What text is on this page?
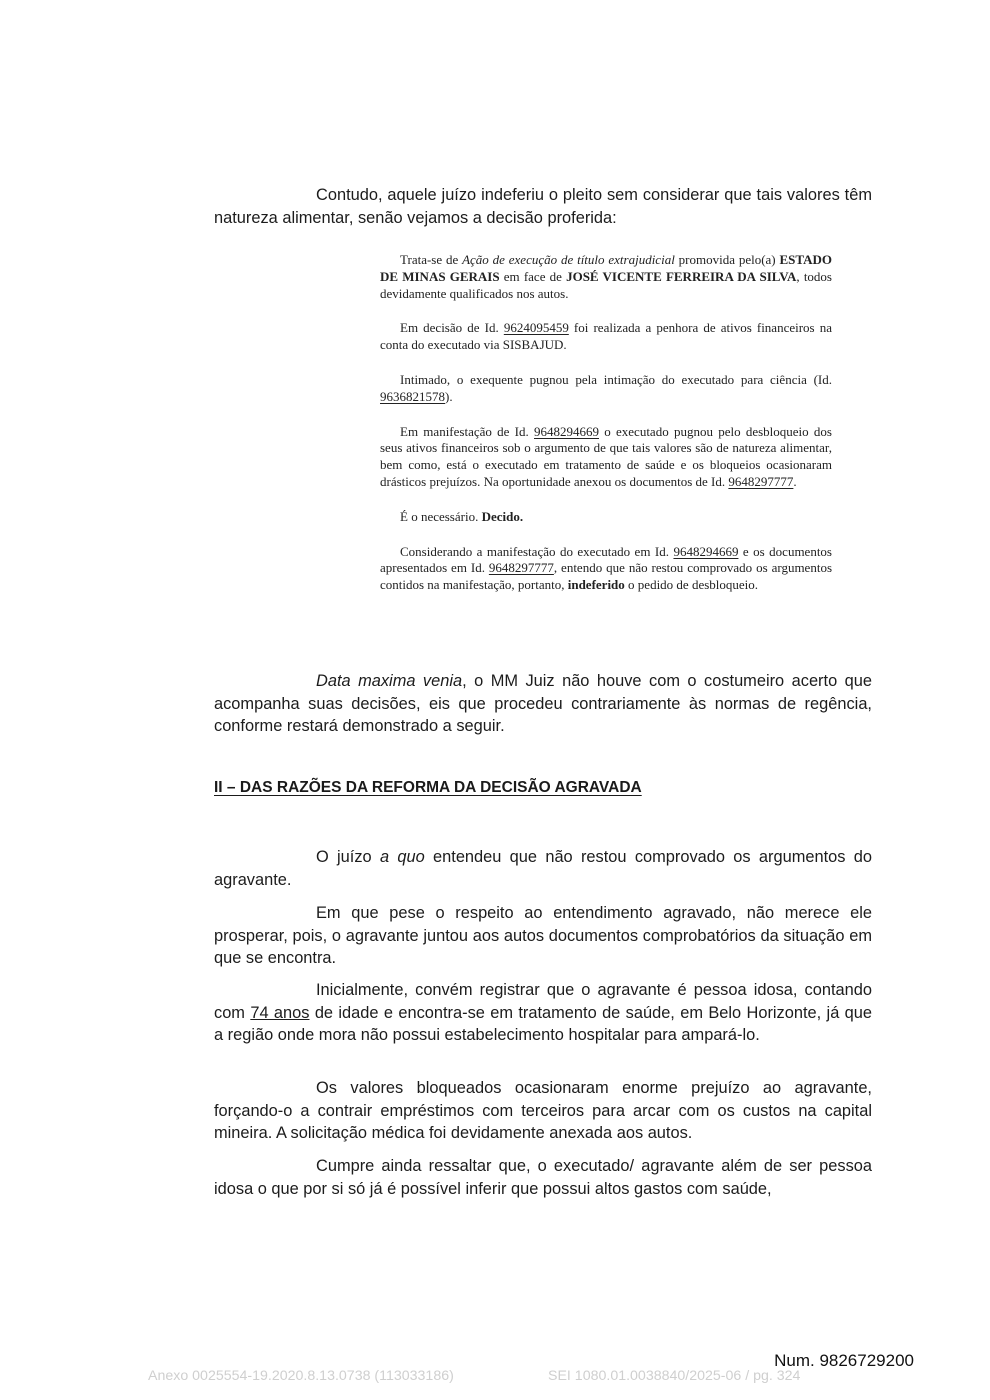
Contudo, aquele juízo indeferiu o pleito sem considerar que tais valores têm natureza alimentar, senão vejamos a decisão proferida:

Trata-se de Ação de execução de título extrajudicial promovida pelo(a) ESTADO DE MINAS GERAIS em face de JOSÉ VICENTE FERREIRA DA SILVA, todos devidamente qualificados nos autos.

Em decisão de Id. 9624095459 foi realizada a penhora de ativos financeiros na conta do executado via SISBAJUD.

Intimado, o exequente pugnou pela intimação do executado para ciência (Id. 9636821578).

Em manifestação de Id. 9648294669 o executado pugnou pelo desbloqueio dos seus ativos financeiros sob o argumento de que tais valores são de natureza alimentar, bem como, está o executado em tratamento de saúde e os bloqueios ocasionaram drásticos prejuízos. Na oportunidade anexou os documentos de Id. 9648297777.

É o necessário. Decido.

Considerando a manifestação do executado em Id. 9648294669 e os documentos apresentados em Id. 9648297777, entendo que não restou comprovado os argumentos contidos na manifestação, portanto, indeferido o pedido de desbloqueio.

Data maxima venia, o MM Juiz não houve com o costumeiro acerto que acompanha suas decisões, eis que procedeu contrariamente às normas de regência, conforme restará demonstrado a seguir.

II – DAS RAZÕES DA REFORMA DA DECISÃO AGRAVADA

O juízo a quo entendeu que não restou comprovado os argumentos do agravante.

Em que pese o respeito ao entendimento agravado, não merece ele prosperar, pois, o agravante juntou aos autos documentos comprobatórios da situação em que se encontra.

Inicialmente, convém registrar que o agravante é pessoa idosa, contando com 74 anos de idade e encontra-se em tratamento de saúde, em Belo Horizonte, já que a região onde mora não possui estabelecimento hospitalar para ampará-lo.

Os valores bloqueados ocasionaram enorme prejuízo ao agravante, forçando-o a contrair empréstimos com terceiros para arcar com os custos na capital mineira. A solicitação médica foi devidamente anexada aos autos.

Cumpre ainda ressaltar que, o executado/ agravante além de ser pessoa idosa o que por si só já é possível inferir que possui altos gastos com saúde,

Num. 9826729200
Anexo 0025554-19.2020.8.13.0738 (113033186)	SEI 1080.01.0038840/2025-06 / pg. 324
